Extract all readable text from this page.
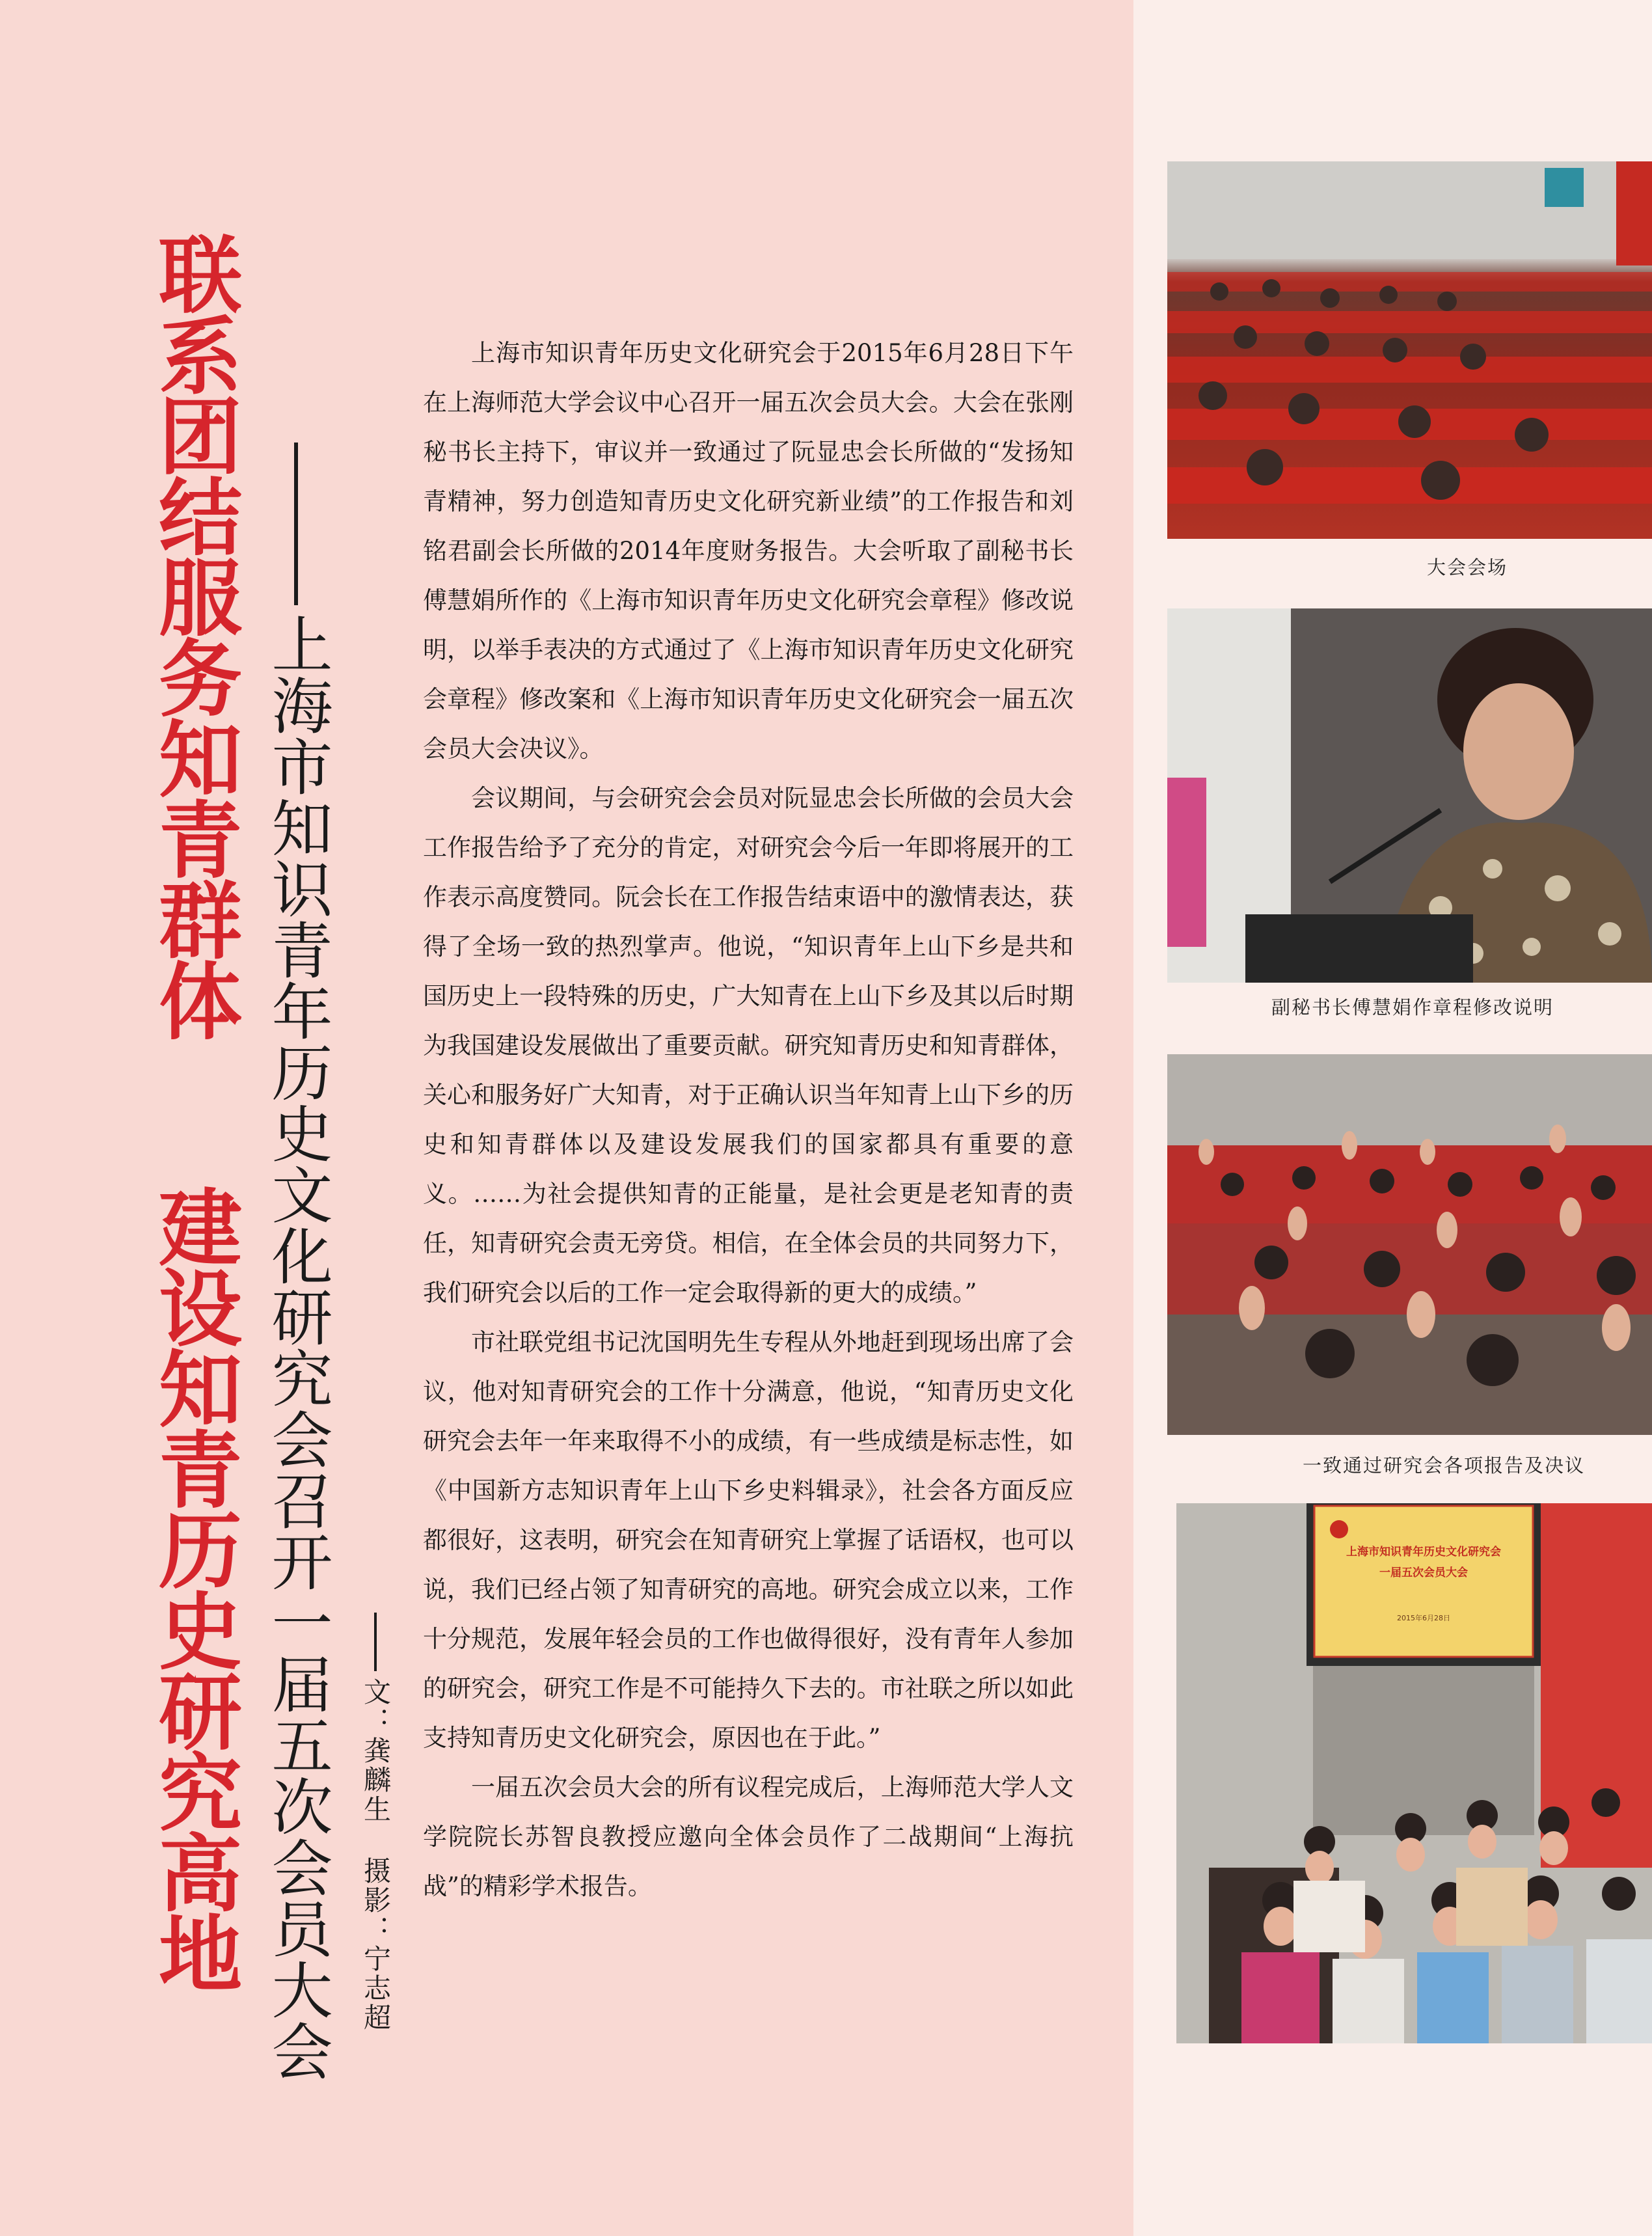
联系团结服务知青群体
建设知青历史研究高地 上海市知识青年历史文化研究会召开一届五次会员大会 文：龚麟生摄影：宁志超

上海市知识青年历史文化研究会于2015年6月28日下午在上海师范大学会议中心召开一届五次会员大会。大会在张刚秘书长主持下，审议并一致通过了阮显忠会长所做的“发扬知青精神，努力创造知青历史文化研究新业绩”的工作报告和刘铭君副会长所做的2014年度财务报告。大会听取了副秘书长傅慧娟所作的《上海市知识青年历史文化研究会章程》修改说明，以举手表决的方式通过了《上海市知识青年历史文化研究会章程》修改案和《上海市知识青年历史文化研究会一届五次会员大会决议》。

会议期间，与会研究会会员对阮显忠会长所做的会员大会工作报告给予了充分的肯定，对研究会今后一年即将展开的工作表示高度赞同。阮会长在工作报告结束语中的激情表达，获得了全场一致的热烈掌声。他说，“知识青年上山下乡是共和国历史上一段特殊的历史，广大知青在上山下乡及其以后时期为我国建设发展做出了重要贡献。研究知青历史和知青群体，关心和服务好广大知青，对于正确认识当年知青上山下乡的历史和知青群体以及建设发展我们的国家都具有重要的意义。……为社会提供知青的正能量，是社会更是老知青的责任，知青研究会责无旁贷。相信，在全体会员的共同努力下，我们研究会以后的工作一定会取得新的更大的成绩。”

市社联党组书记沈国明先生专程从外地赶到现场出席了会议，他对知青研究会的工作十分满意，他说，“知青历史文化研究会去年一年来取得不小的成绩，有一些成绩是标志性，如《中国新方志知识青年上山下乡史料辑录》，社会各方面反应都很好，这表明，研究会在知青研究上掌握了话语权，也可以说，我们已经占领了知青研究的高地。研究会成立以来，工作十分规范，发展年轻会员的工作也做得很好，没有青年人参加的研究会，研究工作是不可能持久下去的。市社联之所以如此支持知青历史文化研究会，原因也在于此。”

一届五次会员大会的所有议程完成后，上海师范大学人文学院院长苏智良教授应邀向全体会员作了二战期间“上海抗战”的精彩学术报告。

大会会场
副秘书长傅慧娟作章程修改说明
一致通过研究会各项报告及决议
上海市知识青年历史文化研究会
一届五次会员大会
2015年6月28日
